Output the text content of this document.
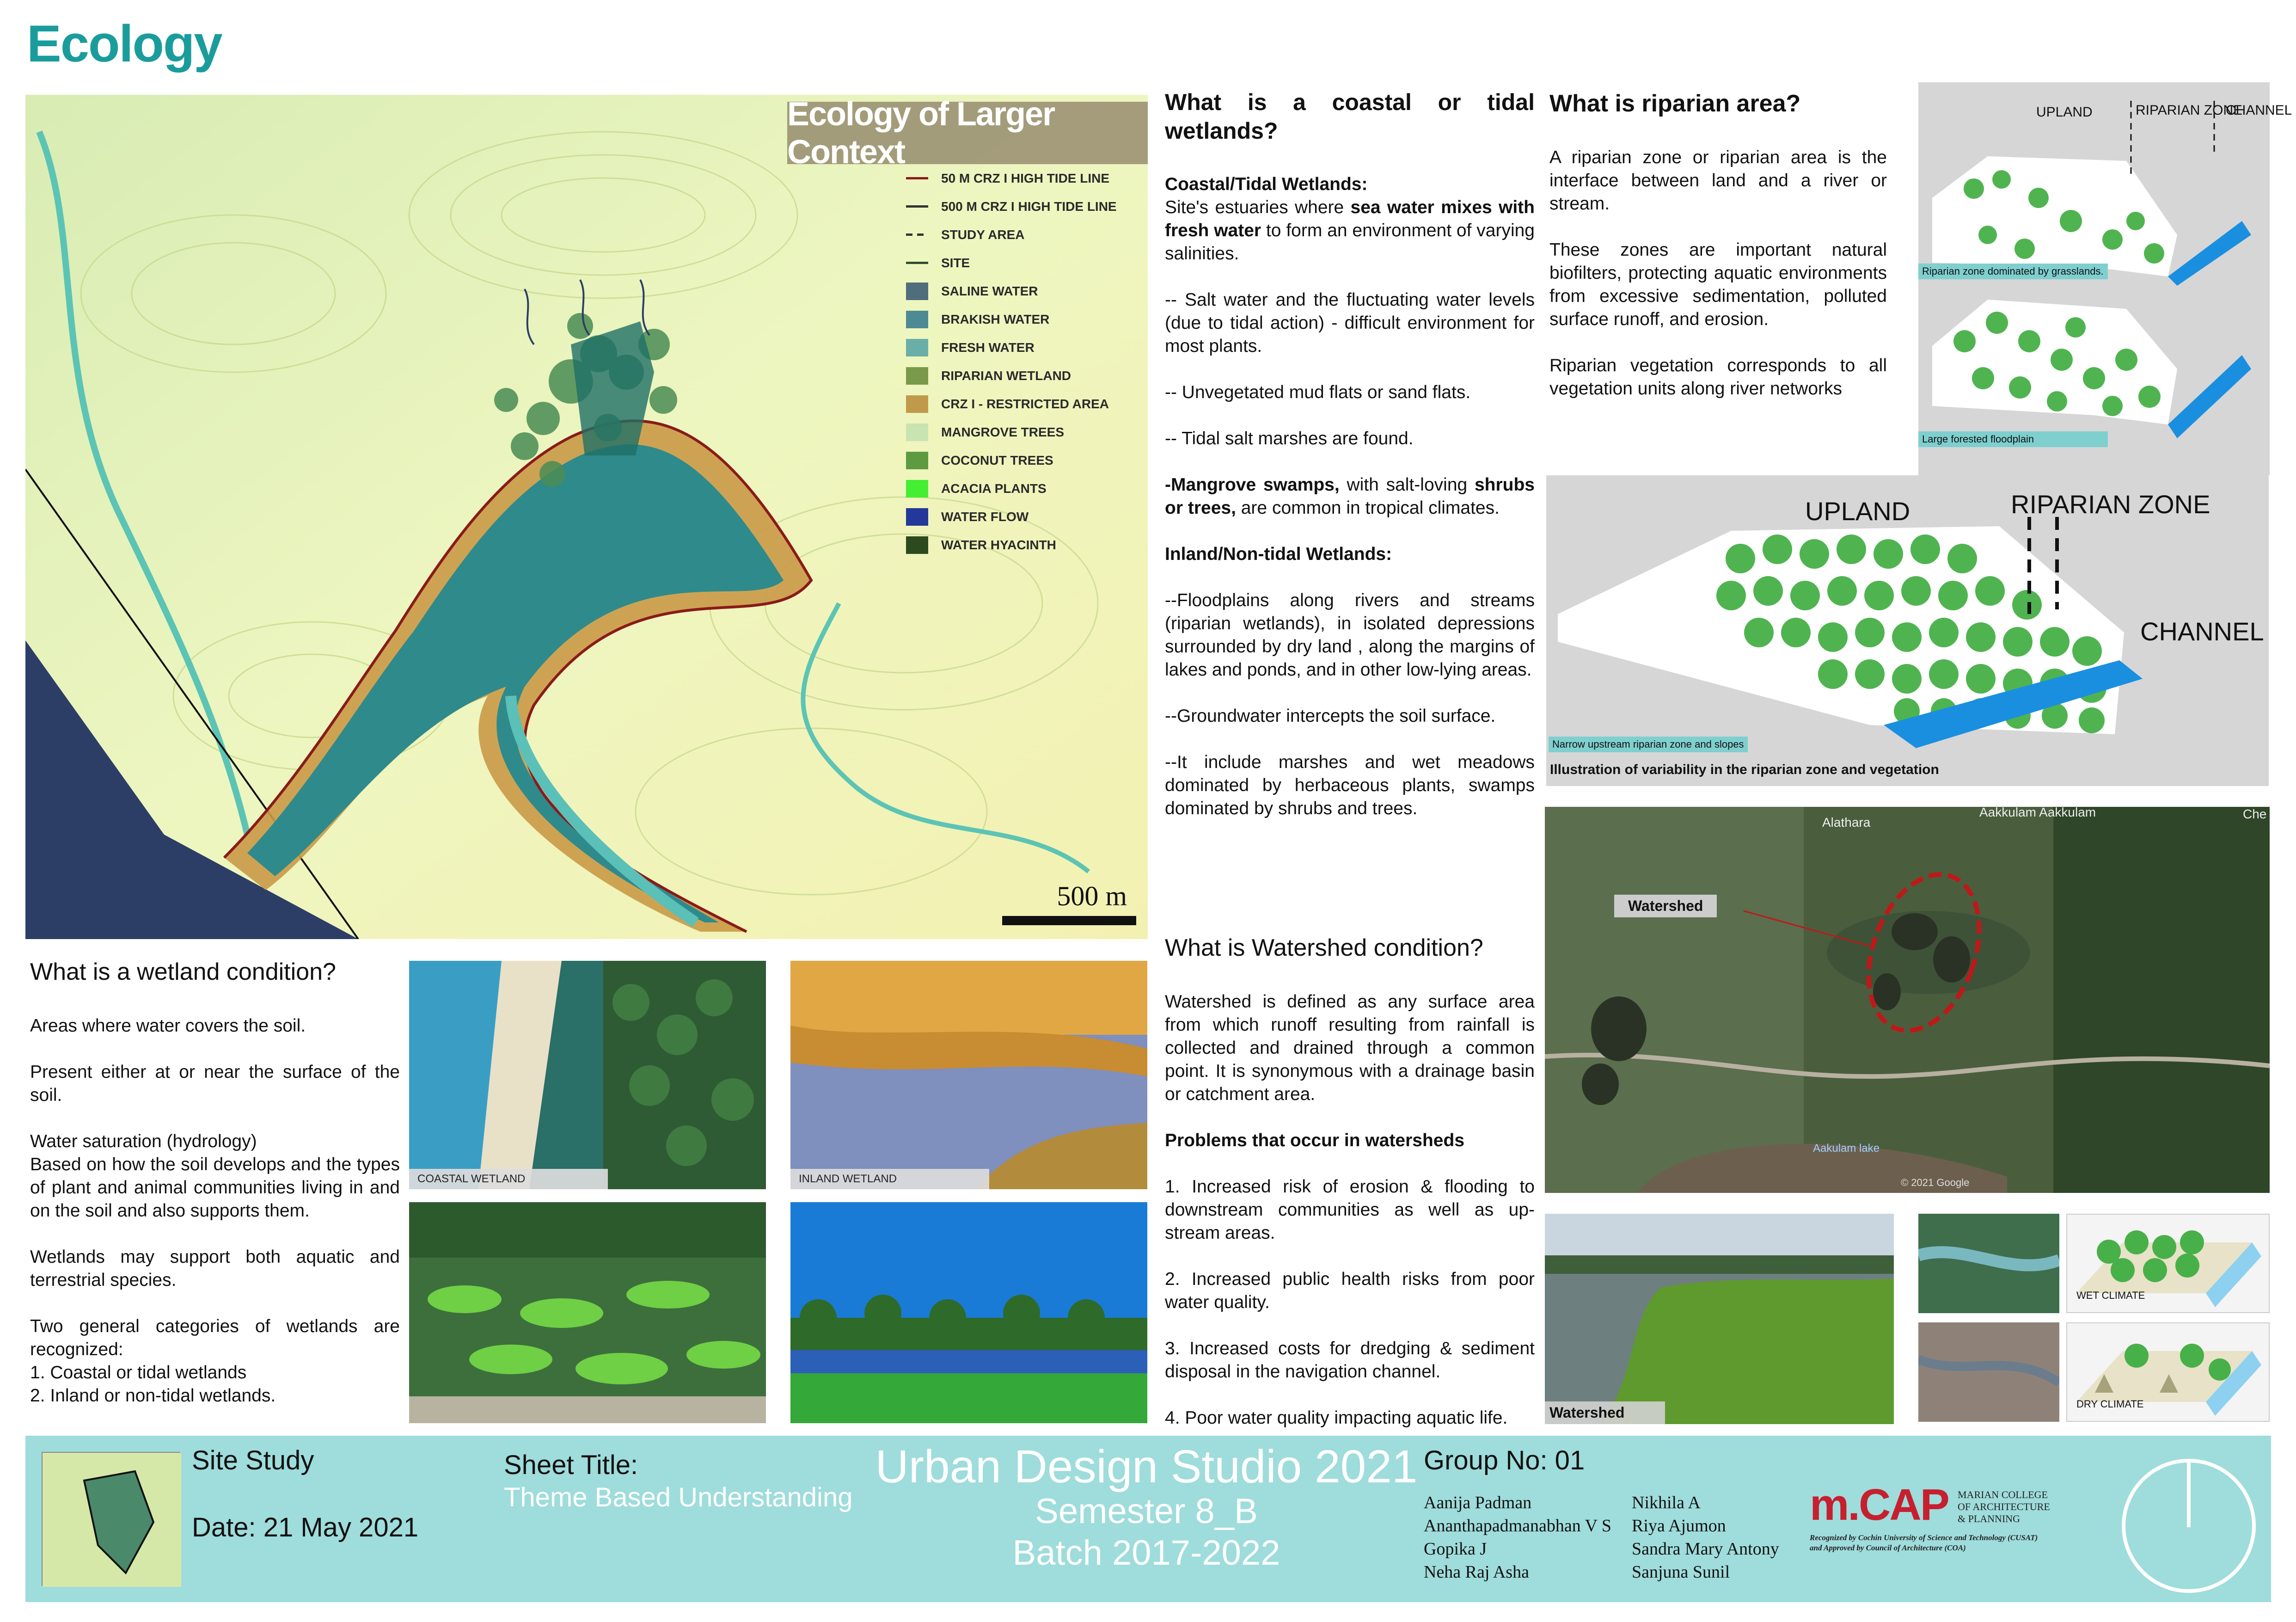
Ecology
Ecology of Larger Context
50 M CRZ I HIGH TIDE LINE
500 M CRZ I HIGH TIDE LINE
STUDY AREA
SITE
SALINE WATER
BRAKISH WATER
FRESH WATER
RIPARIAN WETLAND
CRZ I - RESTRICTED AREA
MANGROVE TREES
COCONUT TREES
ACACIA PLANTS
WATER FLOW
WATER HYACINTH
500 m
What is a coastal or tidal wetlands?
Coastal/Tidal Wetlands:

Site's estuaries where sea water mixes with fresh water to form an environment of varying salinities.

-- Salt water and the fluctuating water levels (due to tidal action) - difficult environment for most plants.

-- Unvegetated mud flats or sand flats.

-- Tidal salt marshes are found.

-Mangrove swamps, with salt-loving shrubs or trees, are common in tropical climates.

Inland/Non-tidal Wetlands:

--Floodplains along rivers and streams (riparian wetlands), in isolated depressions surrounded by dry land , along the margins of lakes and ponds, and in other low-lying areas.

--Groundwater intercepts the soil surface.

--It include marshes and wet meadows dominated by herbaceous plants, swamps dominated by shrubs and trees.

What is riparian area?

A riparian zone or riparian area is the interface between land and a river or stream.

These zones are important natural biofilters, protecting aquatic environments from excessive sedimentation, polluted surface runoff, and erosion.

Riparian vegetation corresponds to all vegetation units along river networks

UPLAND	RIPARIAN ZONE
CHANNEL
Riparian zone dominated by grasslands.
Large forested floodplain
UPLAND	RIPARIAN ZONE
CHANNEL
Narrow upstream riparian zone and slopes
Illustration of variability in the riparian zone and vegetation
Watershed
Alathara
Aakkulam Aakkulam	Che
Aakulam lake
© 2021 Google
What is a wetland condition?

Areas where water covers the soil.

Present either at or near the surface of the soil.

Water saturation (hydrology)

Based on how the soil develops and the types of plant and animal communities living in and on the soil and also supports them.

Wetlands may support both aquatic and terrestrial species.

Two general categories of wetlands are recognized:
1. Coastal or tidal wetlands
2. Inland or non-tidal wetlands.
COASTAL WETLAND	INLAND WETLAND
What is Watershed condition?

Watershed is defined as any surface area from which runoff resulting from rainfall is collected and drained through a common point. It is synonymous with a drainage basin or catchment area.

Problems that occur in watersheds

1. Increased risk of erosion & flooding to downstream communities as well as up-stream areas.

2. Increased public health risks from poor water quality.

3. Increased costs for dredging & sediment disposal in the navigation channel.

4. Poor water quality impacting aquatic life.	Watershed
WET CLIMATE
DRY CLIMATE
Site Study
Date: 21 May 2021
Sheet Title:
Theme Based Understanding
Urban Design Studio 2021
Semester 8_B
Batch 2017-2022
Group No: 01
Aanija Padman
Ananthapadmanabhan V S
Gopika J
Neha Raj Asha
Nikhila A
Riya Ajumon
Sandra Mary Antony
Sanjuna Sunil
m.CAP MARIAN COLLEGE OF ARCHITECTURE & PLANNING
Recognized by Cochin University of Science and Technology (CUSAT) and Approved by Council of Architecture (COA)
